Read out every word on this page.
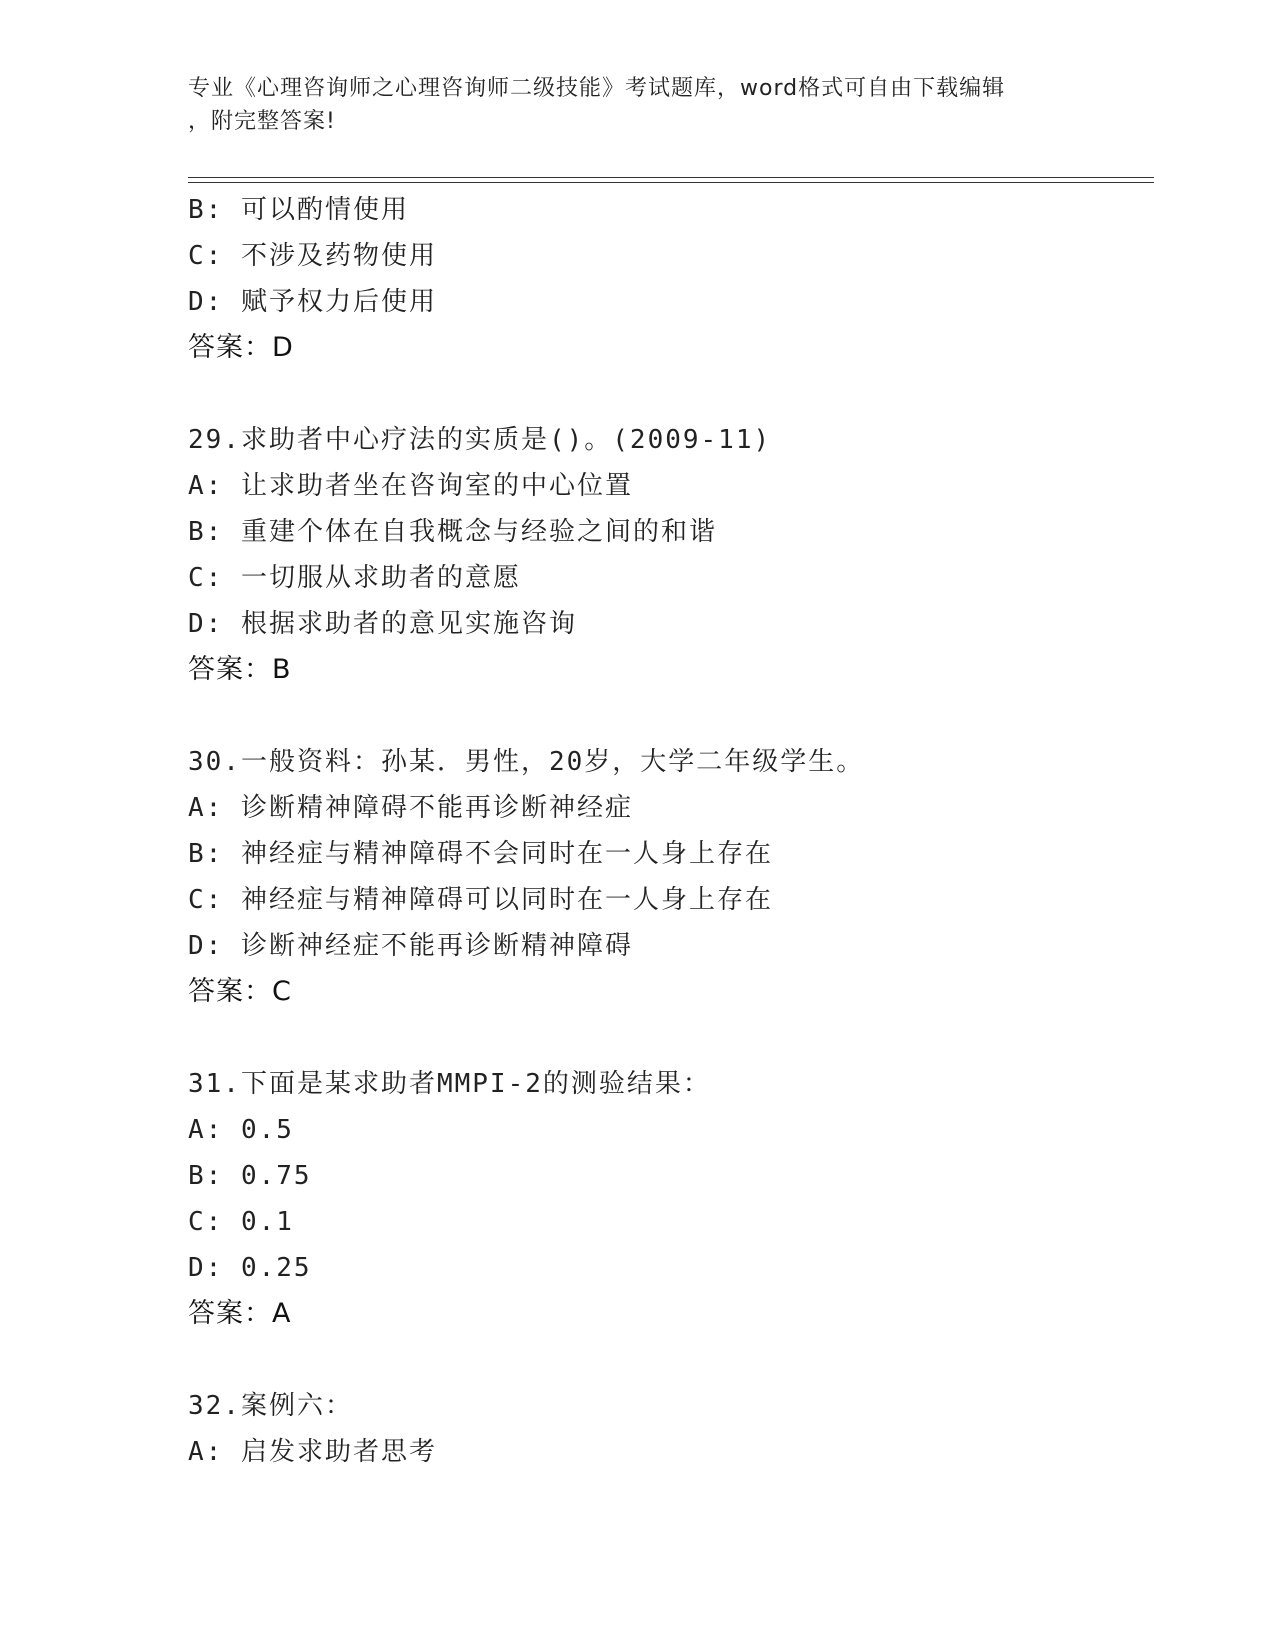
专业《心理咨询师之心理咨询师二级技能》考试题库，word格式可自由下载编辑
，附完整答案!
B: 可以酌情使用
C: 不涉及药物使用
D: 赋予权力后使用
答案：D
29.求助者中心疗法的实质是()。(2009-11)
A: 让求助者坐在咨询室的中心位置
B: 重建个体在自我概念与经验之间的和谐
C: 一切服从求助者的意愿
D: 根据求助者的意见实施咨询
答案：B
30.一般资料：孙某．男性，20岁，大学二年级学生。
A: 诊断精神障碍不能再诊断神经症
B: 神经症与精神障碍不会同时在一人身上存在
C: 神经症与精神障碍可以同时在一人身上存在
D: 诊断神经症不能再诊断精神障碍
答案：C
31.下面是某求助者MMPI-2的测验结果：
A: 0.5
B: 0.75
C: 0.1
D: 0.25
答案：A
32.案例六：
A: 启发求助者思考
